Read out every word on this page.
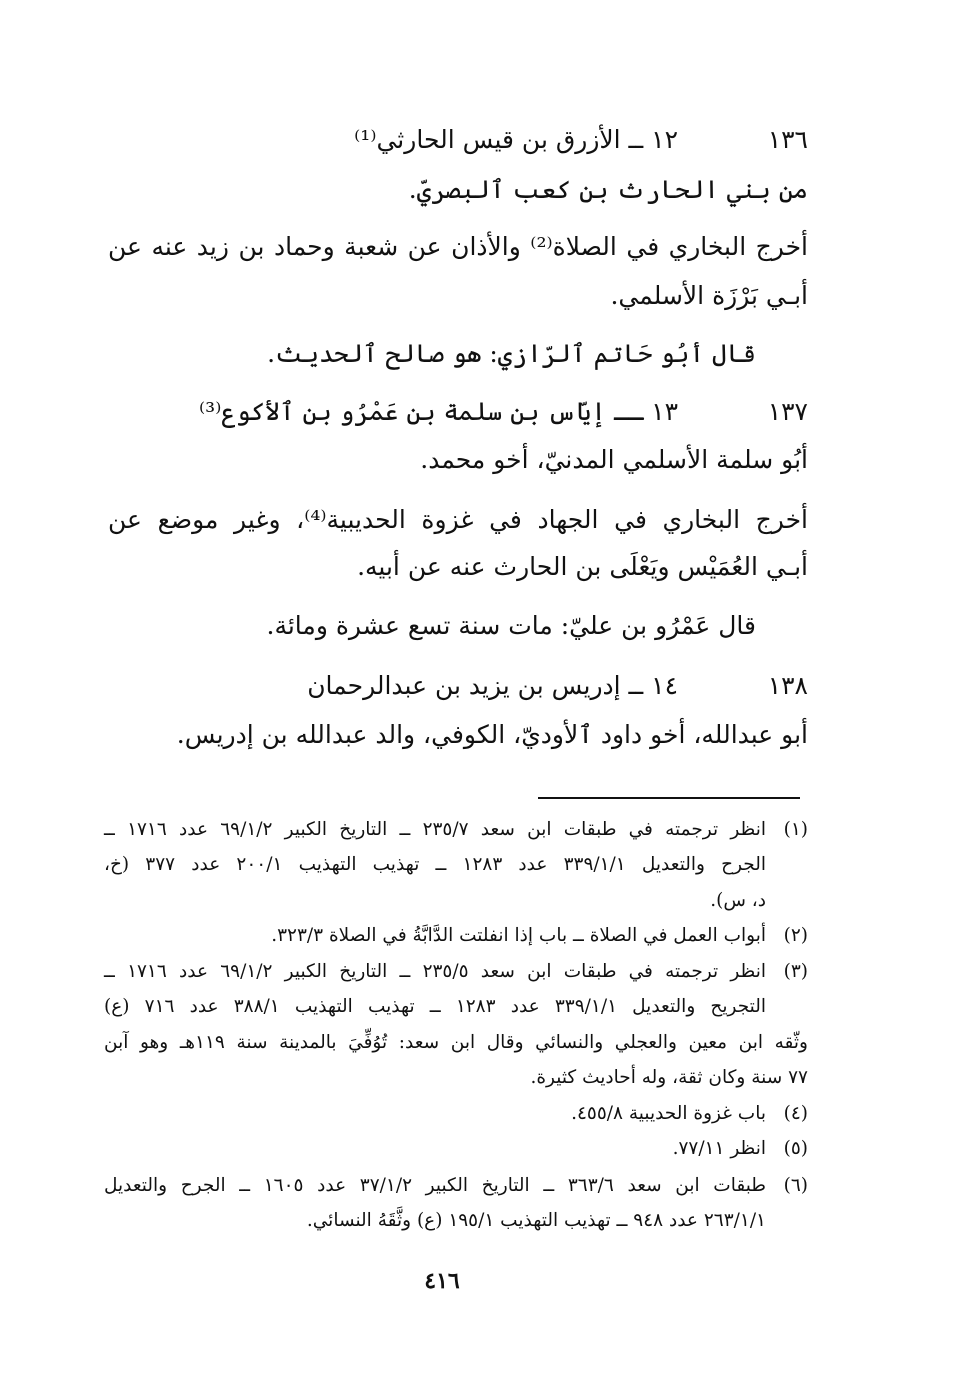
١٣٦
١٢ ــ الأزرق بن قيس الحارثي⁽¹⁾
من بني الحارث بن كعب ٱلبصريّ.
أخرج البخاري في الصلاة⁽²⁾ والأذان عن شعبة وحماد بن زيد عنه عن
أبـي بَرْزَة الأسلمي.
قال أبُو حَاتم ٱلرّازي: هو صالح ٱلحديث.
١٣٧
١٣ ــ إيّاس بن سلمة بن عَمْرُو بن ٱلأكوع⁽³⁾
أبُو سلمة الأسلمي المدنيّ، أخو محمد.
أخرج البخاري في الجهاد في غزوة الحديبية⁽⁴⁾، وغير موضع عن
أبـي العُمَيْس ويَعْلَى بن الحارث عنه عن أبيه.
قال عَمْرُو بن عليّ: مات سنة تسع عشرة ومائة.
١٣٨
١٤ ــ إدريس بن يزيد بن عبدالرحمان
أبو عبدالله، أخو داود ٱلأوديّ، الكوفي، والد عبدالله بن إدريس.
(١)
انظر ترجمته في طبقات ابن سعد ٢٣٥/٧ ــ التاريخ الكبير ٦٩/١/٢ عدد ١٧١٦ ــ
الجرح والتعديل ٣٣٩/١/١ عدد ١٢٨٣ ــ تهذيب التهذيب ٢٠٠/١ عدد ٣٧٧ (خ،
د، س).
(٢)
أبواب العمل في الصلاة ــ باب إذا انفلتت الدَّابَّةُ في الصلاة ٣٢٣/٣.
(٣)
انظر ترجمته في طبقات ابن سعد ٢٣٥/٥ ــ التاريخ الكبير ٦٩/١/٢ عدد ١٧١٦ ــ
التجريح والتعديل ٣٣٩/١/١ عدد ١٢٨٣ ــ تهذيب التهذيب ٣٨٨/١ عدد ٧١٦ (ع)
وثّقه ابن معين والعجلي والنسائي وقال ابن سعد: تُوُفِّيَ بالمدينة سنة ١١٩هـ وهو آبن
٧٧ سنة وكان ثقة، وله أحاديث كثيرة.
(٤)
باب غزوة الحديبية ٤٥٥/٨.
(٥)
انظر ٧٧/١١.
(٦)
طبقات ابن سعد ٣٦٣/٦ ــ التاريخ الكبير ٣٧/١/٢ عدد ١٦٠٥ ــ الجرح والتعديل
٢٦٣/١/١ عدد ٩٤٨ ــ تهذيب التهذيب ١٩٥/١ (ع) وثَّقَهُ النسائي.
٤١٦
